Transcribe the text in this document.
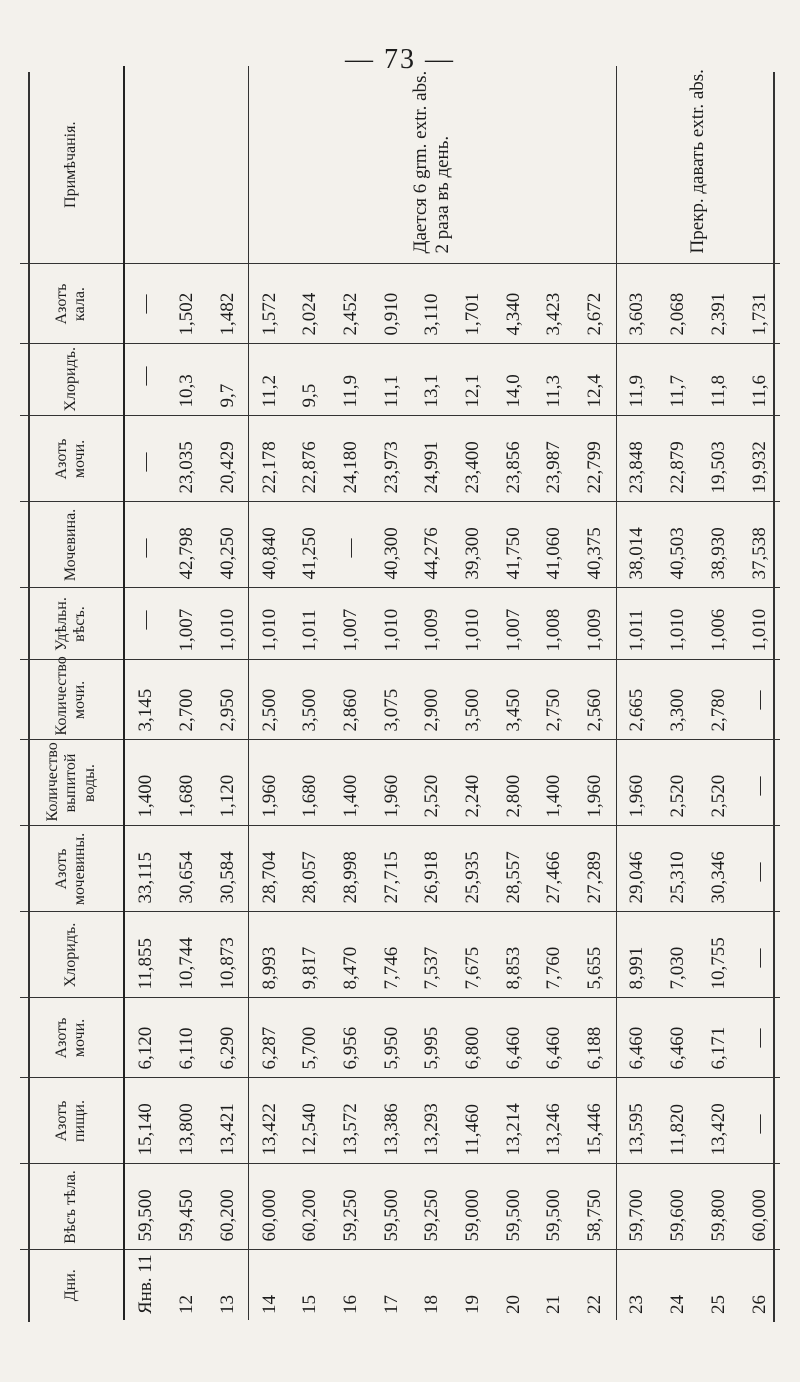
— 73 —
Дни.	Вѣсъ тѣла.	Азотъ пищи.	Азотъ мочи.	Хлоридъ.	Азотъ мочевины.	Количество выпитой воды.	Количество мочи.	Удѣльн. вѣсъ.	Мочевина.	Азотъ мочи.	Хлоридъ.	Азотъ кала.	Примѣчанія.
Янв. 11	59,500	15,140	6,120	11,855	33,115	1,400	3,145	—	—	—	—	—	
12	59,450	13,800	6,110	10,744	30,654	1,680	2,700	1,007	42,798	23,035	10,3	1,502	
13	60,200	13,421	6,290	10,873	30,584	1,120	2,950	1,010	40,250	20,429	9,7	1,482	
14	60,000	13,422	6,287	8,993	28,704	1,960	2,500	1,010	40,840	22,178	11,2	1,572	Дается 6 grm. extr. abs. 2 раза въ день.
15	60,200	12,540	5,700	9,817	28,057	1,680	3,500	1,011	41,250	22,876	9,5	2,024	
16	59,250	13,572	6,956	8,470	28,998	1,400	2,860	1,007	—	24,180	11,9	2,452	
17	59,500	13,386	5,950	7,746	27,715	1,960	3,075	1,010	40,300	23,973	11,1	0,910	
18	59,250	13,293	5,995	7,537	26,918	2,520	2,900	1,009	44,276	24,991	13,1	3,110	
19	59,000	11,460	6,800	7,675	25,935	2,240	3,500	1,010	39,300	23,400	12,1	1,701	
20	59,500	13,214	6,460	8,853	28,557	2,800	3,450	1,007	41,750	23,856	14,0	4,340	
21	59,500	13,246	6,460	7,760	27,466	1,400	2,750	1,008	41,060	23,987	11,3	3,423	
22	58,750	15,446	6,188	5,655	27,289	1,960	2,560	1,009	40,375	22,799	12,4	2,672	
23	59,700	13,595	6,460	8,991	29,046	1,960	2,665	1,011	38,014	23,848	11,9	3,603	Прекр. давать extr. abs.
24	59,600	11,820	6,460	7,030	25,310	2,520	3,300	1,010	40,503	22,879	11,7	2,068	
25	59,800	13,420	6,171	10,755	30,346	2,520	2,780	1,006	38,930	19,503	11,8	2,391	
26	60,000	—	—	—	—	—	—	1,010	37,538	19,932	11,6	1,731	
